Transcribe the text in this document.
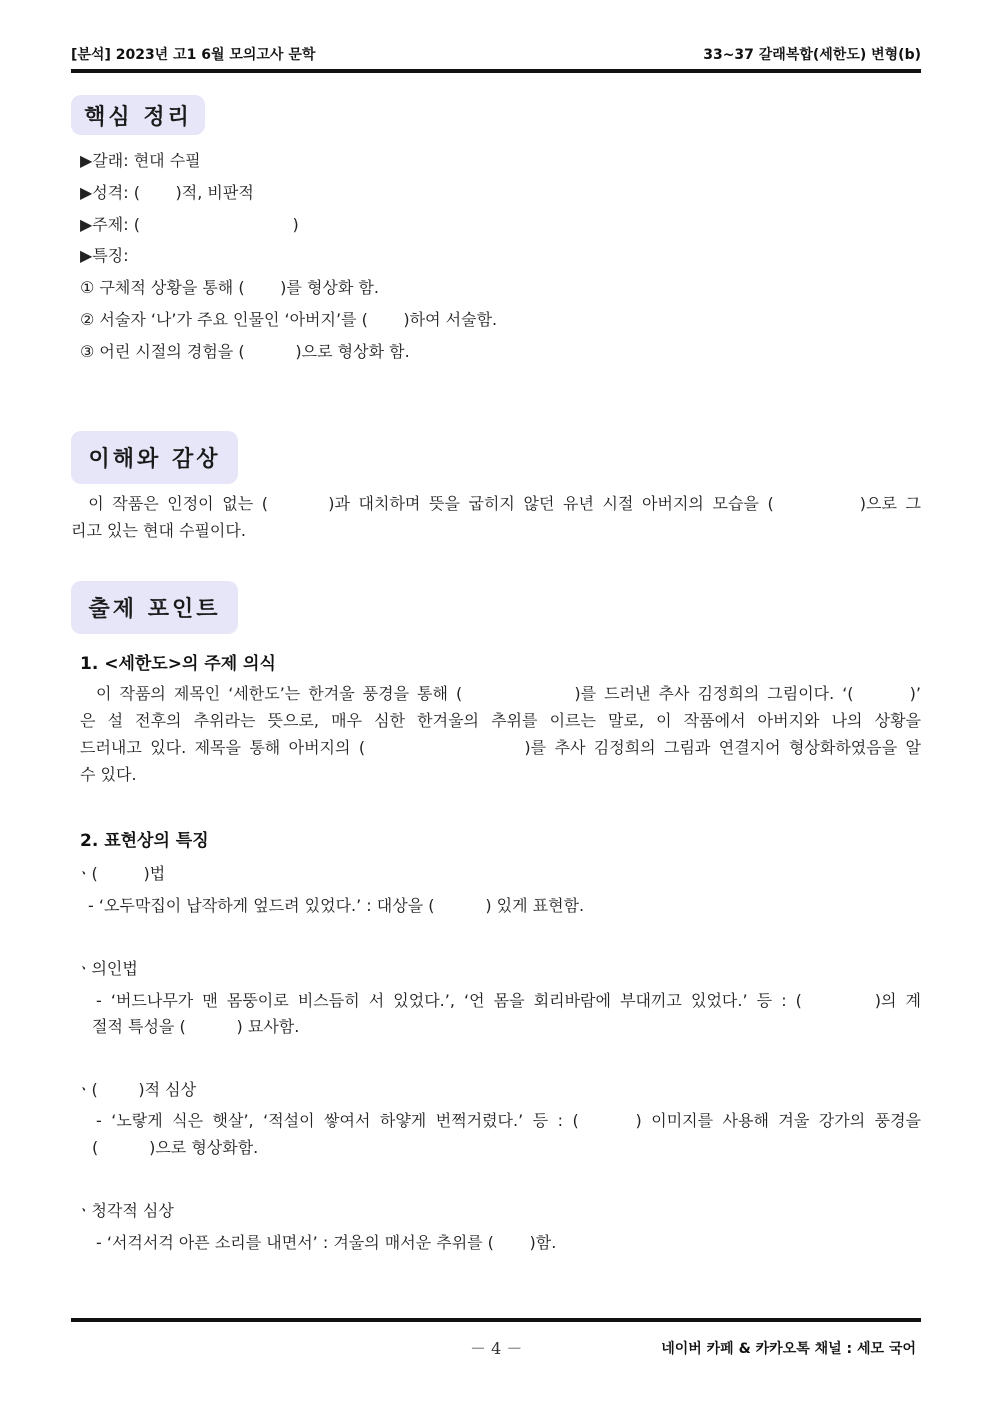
[분석] 2023년 고1 6월 모의고사 문학	33~37 갈래복합(세한도) 변형(b)
핵심 정리
▶갈래: 현대 수필
▶성격: (       )적, 비판적
▶주제: (                              )
▶특징:
① 구체적 상황을 통해 (       )를 형상화 함.
② 서술자 ‘나’가 주요 인물인 ‘아버지’를 (       )하여 서술함.
③ 어린 시절의 경험을 (          )으로 형상화 함.
이해와 감상
이 작품은 인정이 없는 (       )과 대치하며 뜻을 굽히지 않던 유년 시절 아버지의 모습을 (          )으로 그
리고 있는 현대 수필이다.
출제 포인트
1. <세한도>의 주제 의식
이 작품의 제목인 ‘세한도’는 한겨울 풍경을 통해 (              )를 드러낸 추사 김정희의 그림이다. ‘(       )’
은 설 전후의 추위라는 뜻으로, 매우 심한 한겨울의 추위를 이르는 말로, 이 작품에서 아버지와 나의 상황을
드러내고 있다. 제목을 통해 아버지의 (                   )를 추사 김정희의 그림과 연결지어 형상화하였음을 알
수 있다.
2. 표현상의 특징
ㆍ(         )법
- ‘오두막집이 납작하게 엎드려 있었다.’ : 대상을 (          ) 있게 표현함.
ㆍ의인법
- ‘버드나무가 맨 몸뚱이로 비스듬히 서 있었다.’, ‘언 몸을 회리바람에 부대끼고 있었다.’ 등 : (        )의 계
절적 특성을 (          ) 묘사함.
ㆍ(        )적 심상
- ‘노랗게 식은 햇살’, ‘적설이 쌓여서 하얗게 번쩍거렸다.’ 등 : (      ) 이미지를 사용해 겨울 강가의 풍경을
(          )으로 형상화함.
ㆍ청각적 심상
- ‘서걱서걱 아픈 소리를 내면서’ : 겨울의 매서운 추위를 (       )함.
－ 4 －	네이버 카페 & 카카오톡 채널 : 세모 국어
